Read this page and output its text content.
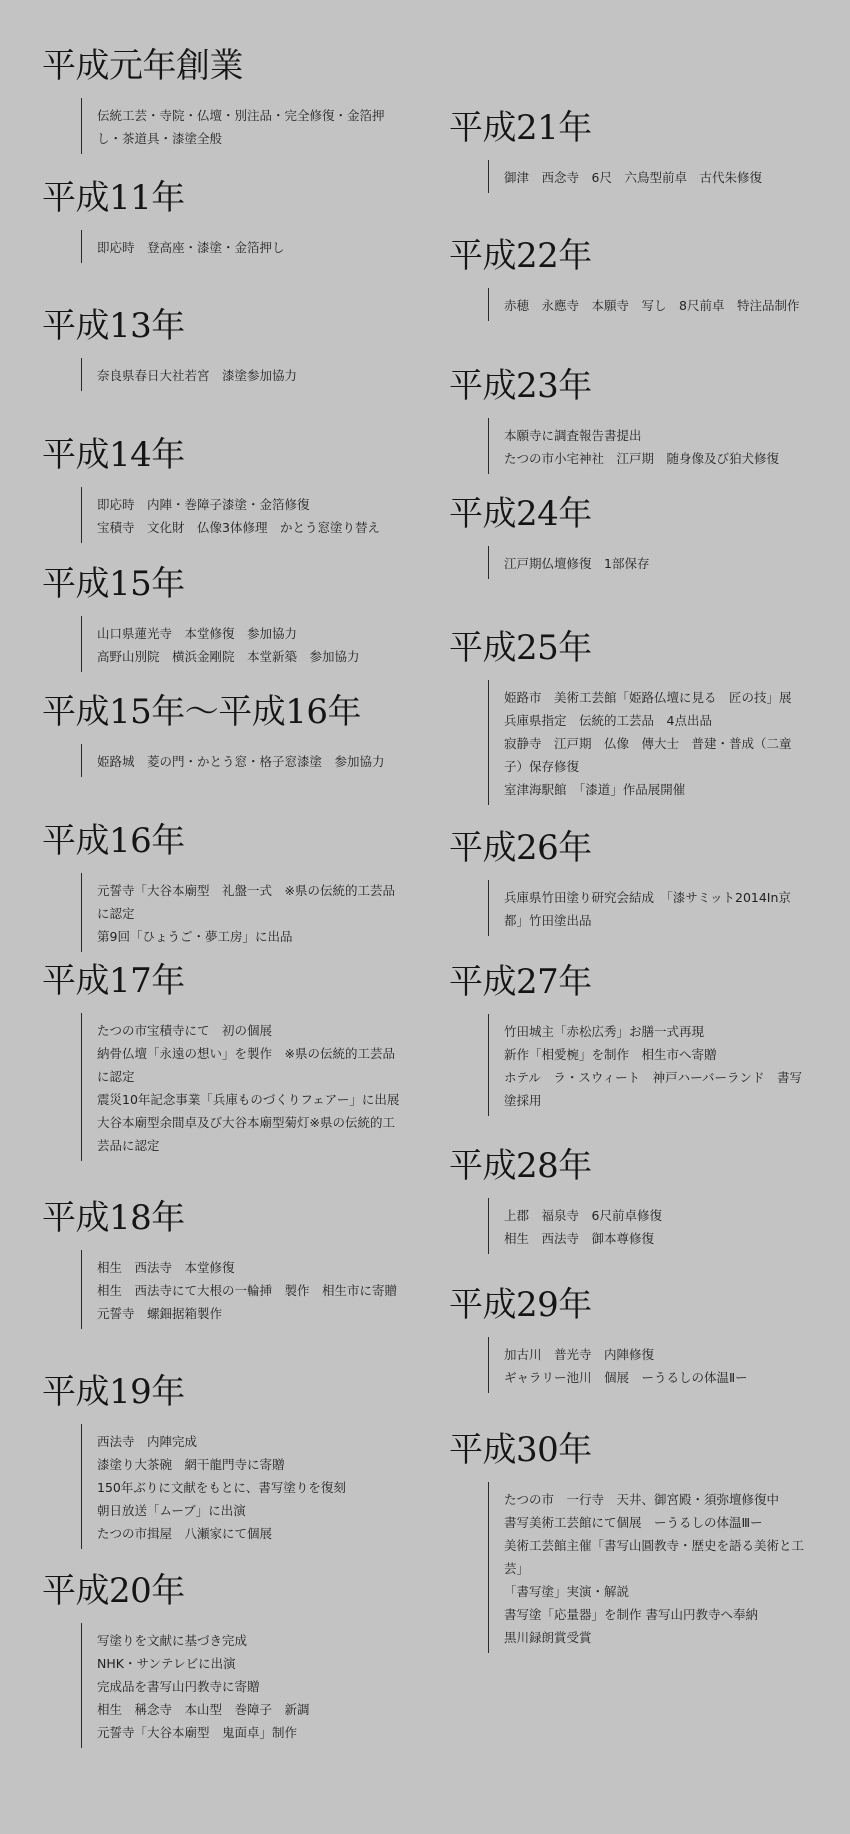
平成元年創業
伝統工芸・寺院・仏壇・別注品・完全修復・金箔押し・茶道具・漆塗全般
平成11年
即応時　登高座・漆塗・金箔押し
平成13年
奈良県春日大社若宮　漆塗参加協力
平成14年
即応時　内陣・巻障子漆塗・金箔修復
宝積寺　文化財　仏像3体修理　かとう窓塗り替え
平成15年
山口県蓮光寺　本堂修復　参加協力
高野山別院　横浜金剛院　本堂新築　参加協力
平成15年～平成16年
姫路城　菱の門・かとう窓・格子窓漆塗　参加協力
平成16年
元誓寺「大谷本廟型　礼盤一式　※県の伝統的工芸品に認定
第9回「ひょうご・夢工房」に出品
平成17年
たつの市宝積寺にて　初の個展
納骨仏壇「永遠の想い」を製作　※県の伝統的工芸品に認定
震災10年記念事業「兵庫ものづくりフェアー」に出展
大谷本廟型余間卓及び大谷本廟型菊灯※県の伝統的工芸品に認定
平成18年
相生　西法寺　本堂修復
相生　西法寺にて大根の一輪挿　製作　相生市に寄贈
元誓寺　螺鈿据箱製作
平成19年
西法寺　内陣完成
漆塗り大茶碗　網干龍門寺に寄贈
150年ぶりに文献をもとに、書写塗りを復刻
朝日放送「ムーブ」に出演
たつの市揖屋　八瀬家にて個展
平成20年
写塗りを文献に基づき完成
NHK・サンテレビに出演
完成品を書写山円教寺に寄贈
相生　稱念寺　本山型　巻障子　新調
元誓寺「大谷本廟型　鬼面卓」制作
平成21年
御津　西念寺　6尺　六鳥型前卓　古代朱修復
平成22年
赤穂　永應寺　本願寺　写し　8尺前卓　特注品制作
平成23年
本願寺に調査報告書提出
たつの市小宅神社　江戸期　随身像及び狛犬修復
平成24年
江戸期仏壇修復　1部保存
平成25年
姫路市　美術工芸館「姫路仏壇に見る　匠の技」展
兵庫県指定　伝統的工芸品　4点出品
寂静寺　江戸期　仏像　傳大士　普建・普成（二童子）保存修復
室津海駅館　「漆道」作品展開催
平成26年
兵庫県竹田塗り研究会結成　「漆サミット2014In京都」竹田塗出品
平成27年
竹田城主「赤松広秀」お膳一式再現
新作「相愛椀」を制作　相生市へ寄贈
ホテル　ラ・スウィート　神戸ハーバーランド　書写塗採用
平成28年
上郡　福泉寺　6尺前卓修復
相生　西法寺　御本尊修復
平成29年
加古川　普光寺　内陣修復
ギャラリー池川　個展　ーうるしの体温Ⅱー
平成30年
たつの市　一行寺　天井、御宮殿・須弥壇修復中
書写美術工芸館にて個展　ーうるしの体温Ⅲー
美術工芸館主催「書写山圓教寺・歴史を語る美術と工芸」
「書写塗」実演・解説
書写塗「応量器」を制作 書写山円教寺へ奉納
黒川録朗賞受賞
